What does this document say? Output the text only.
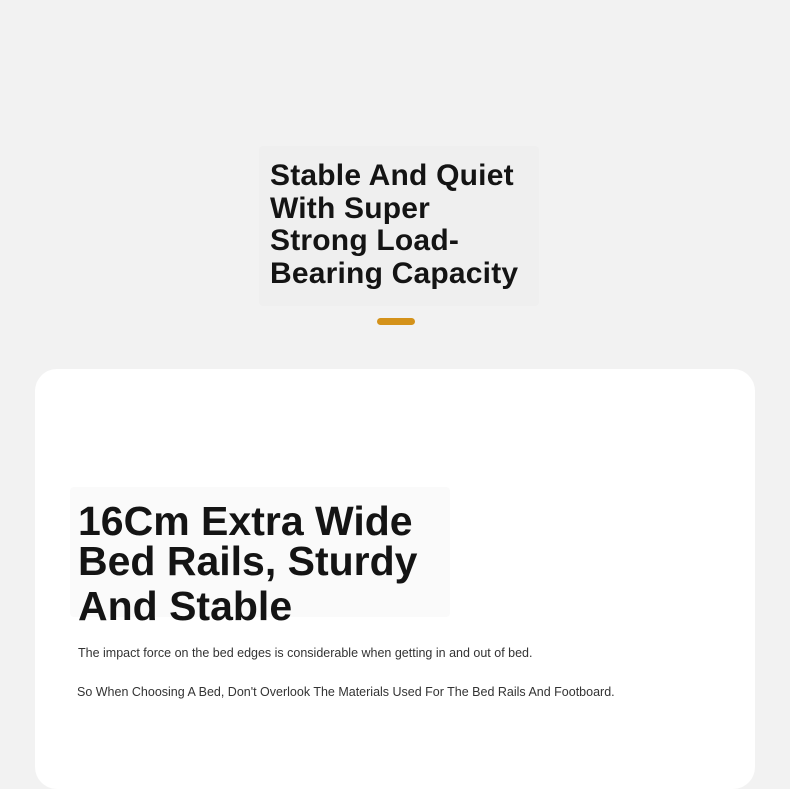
Stable And Quiet With Super Strong Load-Bearing Capacity
16Cm Extra Wide
Bed Rails, Sturdy
And Stable

The impact force on the bed edges is considerable when getting in and out of bed.

So When Choosing A Bed, Don't Overlook The Materials Used For The Bed Rails And Footboard.
